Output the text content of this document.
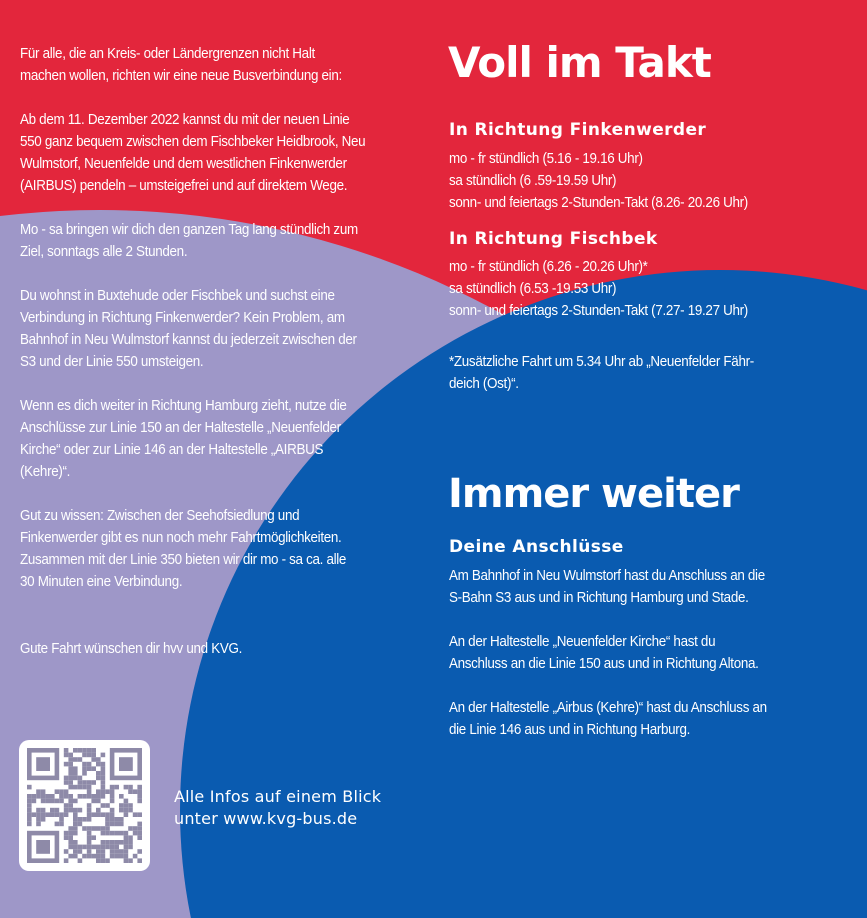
Für alle, die an Kreis- oder Ländergrenzen nicht Halt
machen wollen, richten wir eine neue Busverbindung ein:

Ab dem 11. Dezember 2022 kannst du mit der neuen Linie
550 ganz bequem zwischen dem Fischbeker Heidbrook, Neu
Wulmstorf, Neuenfelde und dem westlichen Finkenwerder
(AIRBUS) pendeln – umsteigefrei und auf direktem Wege.

Mo - sa bringen wir dich den ganzen Tag lang stündlich zum
Ziel, sonntags alle 2 Stunden.

Du wohnst in Buxtehude oder Fischbek und suchst eine
Verbindung in Richtung Finkenwerder? Kein Problem, am
Bahnhof in Neu Wulmstorf kannst du jederzeit zwischen der
S3 und der Linie 550 umsteigen.

Wenn es dich weiter in Richtung Hamburg zieht, nutze die
Anschlüsse zur Linie 150 an der Haltestelle „Neuenfelder
Kirche“ oder zur Linie 146 an der Haltestelle „AIRBUS
(Kehre)“.

Gut zu wissen: Zwischen der Seehofsiedlung und
Finkenwerder gibt es nun noch mehr Fahrtmöglichkeiten.
Zusammen mit der Linie 350 bieten wir dir mo - sa ca. alle
30 Minuten eine Verbindung.

Gute Fahrt wünschen dir hvv und KVG.
Voll im Takt
In Richtung Finkenwerder
mo - fr stündlich (5.16 - 19.16 Uhr)
sa stündlich (6 .59-19.59 Uhr)
sonn- und feiertags 2-Stunden-Takt (8.26- 20.26 Uhr)
In Richtung Fischbek
mo - fr stündlich (6.26 - 20.26 Uhr)*
sa stündlich (6.53 -19.53 Uhr)
sonn- und feiertags 2-Stunden-Takt (7.27- 19.27 Uhr)
*Zusätzliche Fahrt um 5.34 Uhr ab „Neuenfelder Fähr-
deich (Ost)“.
Immer weiter
Deine Anschlüsse

Am Bahnhof in Neu Wulmstorf hast du Anschluss an die
S-Bahn S3 aus und in Richtung Hamburg und Stade.

An der Haltestelle „Neuenfelder Kirche“ hast du
Anschluss an die Linie 150 aus und in Richtung Altona.

An der Haltestelle „Airbus (Kehre)“ hast du Anschluss an
die Linie 146 aus und in Richtung Harburg.

Alle Infos auf einem Blick
unter www.kvg-bus.de
